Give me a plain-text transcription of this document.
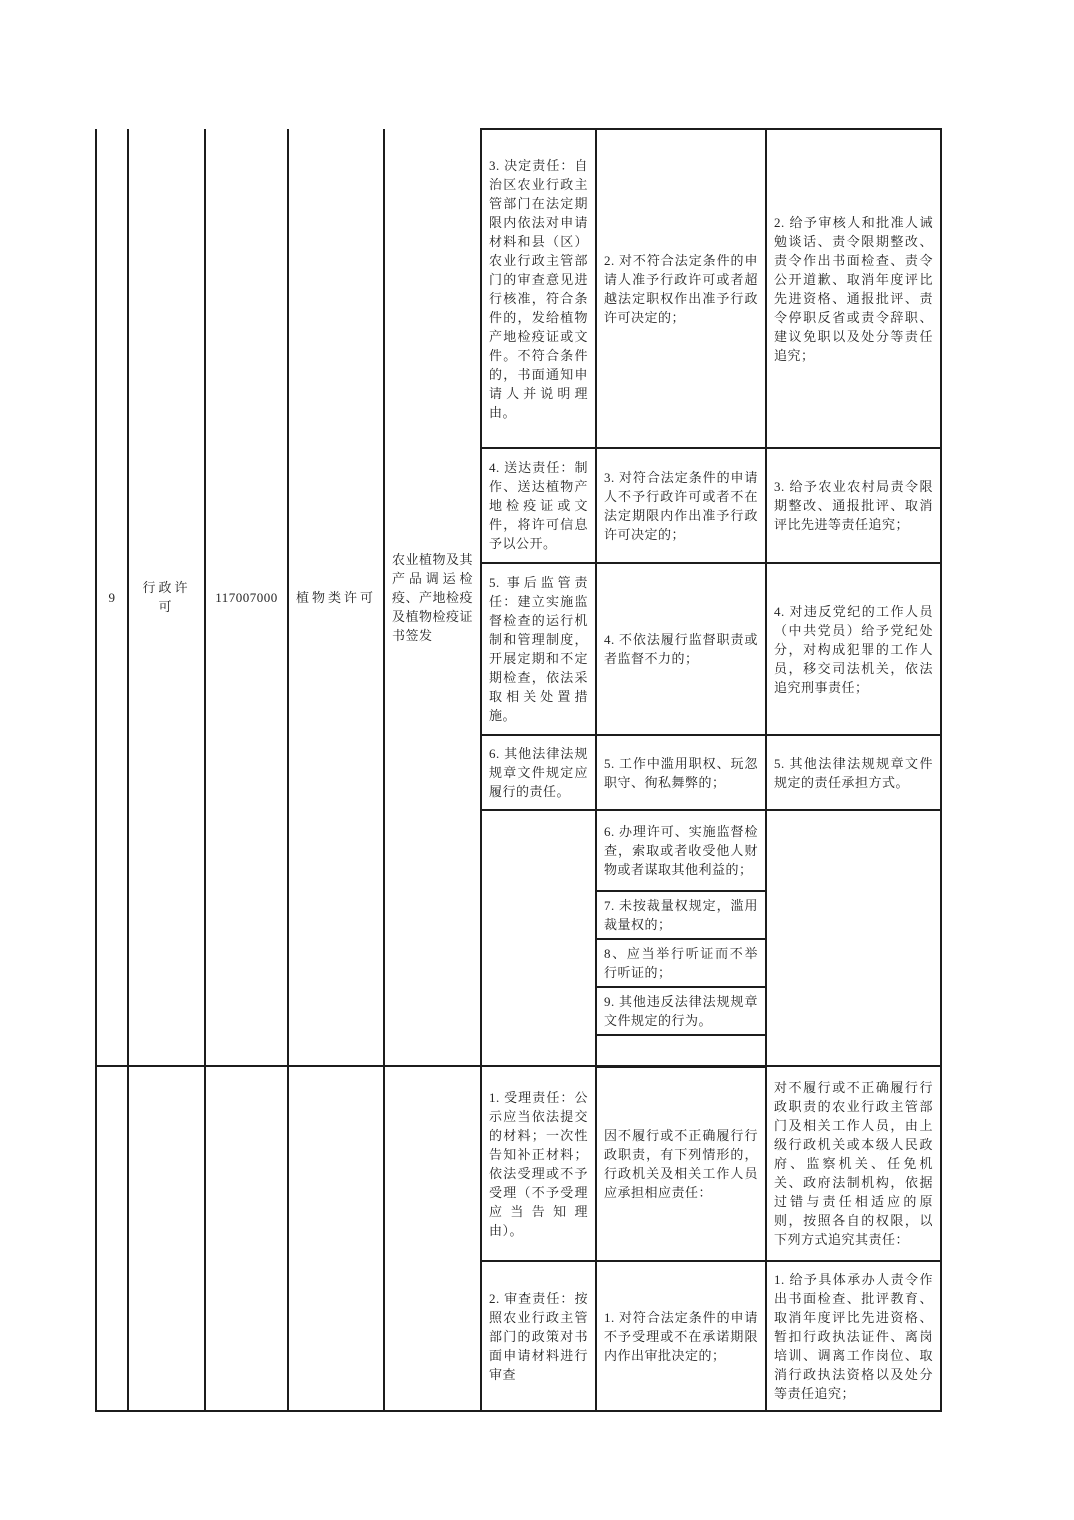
9	行政许可	117007000	植物类许可	农业植物及其产品调运检疫、产地检疫及植物检疫证书签发	3. 决定责任：自治区农业行政主管部门在法定期限内依法对申请材料和县（区）农业行政主管部门的审查意见进行核准，符合条件的，发给植物产地检疫证或文件。不符合条件的，书面通知申请人并说明理由。	2. 对不符合法定条件的申请人准予行政许可或者超越法定职权作出准予行政许可决定的；	2. 给予审核人和批准人诫勉谈话、责令限期整改、责令作出书面检查、责令公开道歉、取消年度评比先进资格、通报批评、责令停职反省或责令辞职、建议免职以及处分等责任追究；
					4. 送达责任：制作、送达植物产地检疫证或文件，将许可信息予以公开。	3. 对符合法定条件的申请人不予行政许可或者不在法定期限内作出准予行政许可决定的；	3. 给予农业农村局责令限期整改、通报批评、取消评比先进等责任追究；
					5. 事后监管责任：建立实施监督检查的运行机制和管理制度，开展定期和不定期检查，依法采取相关处置措施。	4. 不依法履行监督职责或者监督不力的；	4. 对违反党纪的工作人员（中共党员）给予党纪处分，对构成犯罪的工作人员，移交司法机关，依法追究刑事责任；
					6. 其他法律法规规章文件规定应履行的责任。	5. 工作中滥用职权、玩忽职守、徇私舞弊的；	5. 其他法律法规规章文件规定的责任承担方式。
						6. 办理许可、实施监督检查，索取或者收受他人财物或者谋取其他利益的；	
						7. 未按裁量权规定，滥用裁量权的；	
						8、应当举行听证而不举行听证的；	
						9. 其他违反法律法规规章文件规定的行为。	

					1. 受理责任：公示应当依法提交的材料；一次性告知补正材料；依法受理或不予受理（不予受理应当告知理由）。	因不履行或不正确履行行政职责，有下列情形的，行政机关及相关工作人员应承担相应责任：	对不履行或不正确履行行政职责的农业行政主管部门及相关工作人员，由上级行政机关或本级人民政府、监察机关、任免机关、政府法制机构，依据过错与责任相适应的原则，按照各自的权限，以下列方式追究其责任：
					2. 审查责任：按照农业行政主管部门的政策对书面申请材料进行审查	1. 对符合法定条件的申请不予受理或不在承诺期限内作出审批决定的；	1. 给予具体承办人责令作出书面检查、批评教育、取消年度评比先进资格、暂扣行政执法证件、离岗培训、调离工作岗位、取消行政执法资格以及处分等责任追究；
